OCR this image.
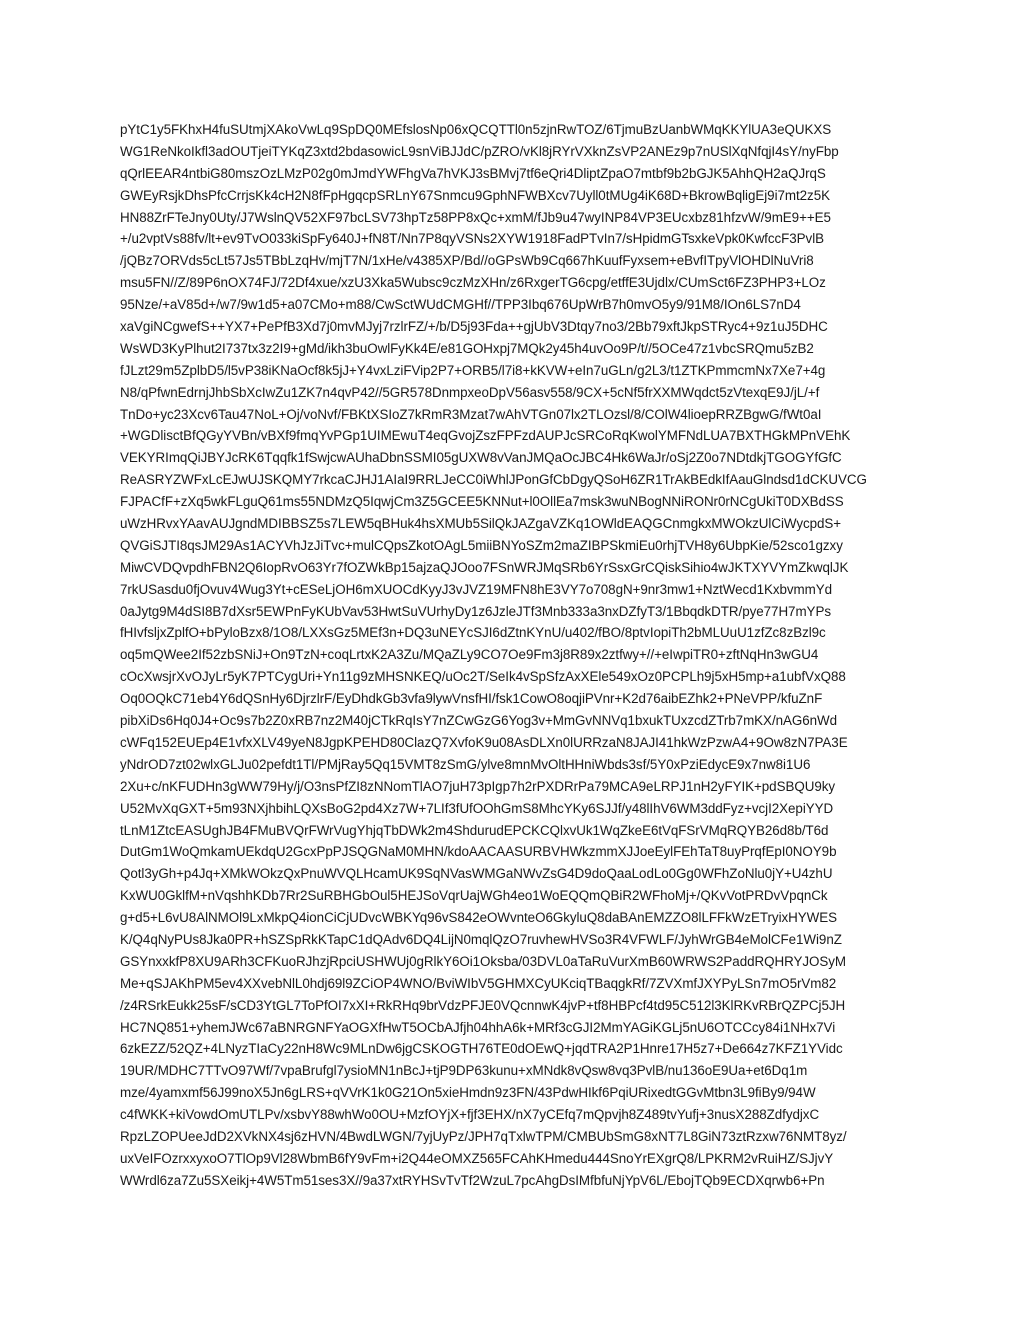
pYtC1y5FKhxH4fuSUtmjXAkoVwLq9SpDQ0MEfslosNp06xQCQTTl0n5zjnRwTOZ/6TjmuBzUanbWMqKKYlUA3eQUKXS
WG1ReNkoIkfl3adOUTjeiTYKqZ3xtd2bdasowicL9snViBJJdC/pZRO/vKl8jRYrVXknZsVP2ANEz9p7nUSlXqNfqjI4sY/nyFbp
qQrlEEAR4ntbiG80mszOzLMzP02g0mJmdYWFhgVa7hVKJ3sBMvj7tf6eQri4DliptZpaO7mtbf9b2bGJK5AhhQH2aQJrqS
GWEyRsjkDhsPfcCrrjsKk4cH2N8fFpHgqcpSRLnY67Snmcu9GphNFWBXcv7Uyll0tMUg4iK68D+BkrowBqligEj9i7mt2z5K
HN88ZrFTeJny0Uty/J7WslnQV52XF97bcLSV73hpTz58PP8xQc+xmM/fJb9u47wyINP84VP3EUcxbz81hfzvW/9mE9++E5
+/u2vptVs88fv/lt+ev9TvO033kiSpFy640J+fN8T/Nn7P8qyVSNs2XYW1918FadPTvIn7/sHpidmGTsxkeVpk0KwfccF3PvlB
/jQBz7ORVds5cLt57Js5TBbLzqHv/mjT7N/1xHe/v4385XP/Bd//oGPsWb9Cq667hKuufFyxsem+eBvfITpyVlOHDlNuVri8
msu5FN//Z/89P6nOX74FJ/72Df4xue/xzU3Xka5Wubsc9czMzXHn/z6RxgerTG6cpg/etffE3Ujdlx/CUmSct6FZ3PHP3+LOz
95Nze/+aV85d+/w7/9w1d5+a07CMo+m88/CwSctWUdCMGHf//TPP3Ibq676UpWrB7h0mvO5y9/91M8/IOn6LS7nD4
xaVgiNCgwefS++YX7+PePfB3Xd7j0mvMJyj7rzlrFZ/+/b/D5j93Fda++gjUbV3Dtqy7no3/2Bb79xftJkpSTRyc4+9z1uJ5DHC
WsWD3KyPlhut2I737tx3z2I9+gMd/ikh3buOwlFyKk4E/e81GOHxpj7MQk2y45h4uvOo9P/t//5OCe47z1vbcSRQmu5zB2
fJLzt29m5ZplbD5/l5vP38iKNaOcf8k5jJ+Y4vxLziFVip2P7+ORB5/l7i8+kKVW+eIn7uGLn/g2L3/t1ZTKPmmcmNx7Xe7+4g
N8/qPfwnEdrnjJhbSbXcIwZu1ZK7n4qvP42//5GR578DnmpxeoDpV56asv558/9CX+5cNf5frXXMWqdct5zVtexqE9J/jL/+f
TnDo+yc23Xcv6Tau47NoL+Oj/voNvf/FBKtXSIoZ7kRmR3Mzat7wAhVTGn07lx2TLOzsl/8/COlW4lioepRRZBgwG/fWt0aI
+WGDlisctBfQGyYVBn/vBXf9fmqYvPGp1UIMEwuT4eqGvojZszFPFzdAUPJcSRCoRqKwolYMFNdLUA7BXTHGkMPnVEhK
VEKYRImqQiJBYJcRK6Tqqfk1fSwjcwAUhaDbnSSMI05gUXW8vVanJMQaOcJBC4Hk6WaJr/oSj2Z0o7NDtdkjTGOGYfGfC
ReASRYZWFxLcEJwUJSKQMY7rkcaCJHJ1AIaI9RRLJeCC0iWhlJPonGfCbDgyQSoH6ZR1TrAkBEdkIfAauGlndsd1dCKUVCG
FJPACfF+zXq5wkFLguQ61ms55NDMzQ5IqwjCm3Z5GCEE5KNNut+l0OllEa7msk3wuNBogNNiRONr0rNCgUkiT0DXBdSS
uWzHRvxYAavAUJgndMDIBBSZ5s7LEW5qBHuk4hsXMUb5SilQkJAZgaVZKq1OWldEAQGCnmgkxMWOkzUlCiWycpdS+
QVGiSJTI8qsJM29As1ACYVhJzJiTvc+mulCQpsZkotOAgL5miiBNYoSZm2maZIBPSkmiEu0rhjTVH8y6UbpKie/52sco1gzxy
MiwCVDQvpdhFBN2Q6IopRvO63Yr7fOZWkBp15ajzaQJOoo7FSnWRJMqSRb6YrSsxGrCQiskSihio4wJKTXYVYmZkwqlJK
7rkUSasdu0fjOvuv4Wug3Yt+cESeLjOH6mXUOCdKyyJ3vJVZ19MFN8hE3VY7o708gN+9nr3mw1+NztWecd1KxbvmmYd
0aJytg9M4dSI8B7dXsr5EWPnFyKUbVav53HwtSuVUrhyDy1z6JzleJTf3Mnb333a3nxDZfyT3/1BbqdkDTR/pye77H7mYPs
fHIvfsljxZplfO+bPyloBzx8/1O8/LXXsGz5MEf3n+DQ3uNEYcSJI6dZtnKYnU/u402/fBO/8ptvIopiTh2bMLUuU1zfZc8zBzl9c
oq5mQWee2If52zbSNiJ+On9TzN+coqLrtxK2A3Zu/MQaZLy9CO7Oe9Fm3j8R89x2ztfwy+//+eIwpiTR0+zftNqHn3wGU4
cOcXwsjrXvOJyLr5yK7PTCygUri+Yn11g9zMHSNKEQ/uOc2T/SeIk4vSpSfzAxXEle549xOz0PCPLh9j5xH5mp+a1ubfVxQ88
Oq0OQkC71eb4Y6dQSnHy6DjrzlrF/EyDhdkGb3vfa9lywVnsfHI/fsk1CowO8oqjiPVnr+K2d76aibEZhk2+PNeVPP/kfuZnF
pibXiDs6Hq0J4+Oc9s7b2Z0xRB7nz2M40jCTkRqIsY7nZCwGzG6Yog3v+MmGvNNVq1bxukTUxzcdZTrb7mKX/nAG6nWd
cWFq152EUEp4E1vfxXLV49yeN8JgpKPEHD80ClazQ7XvfoK9u08AsDLXn0lURRzaN8JAJI41hkWzPzwA4+9Ow8zN7PA3E
yNdrOD7zt02wlxGLJu02pefdt1Tl/PMjRay5Qq15VMT8zSmG/ylve8mnMvOltHHniWbds3sf/5Y0xPziEdycE9x7nw8i1U6
2Xu+c/nKFUDHn3gWW79Hy/j/O3nsPfZI8zNNomTlAO7juH73pIgp7h2rPXDRrPa79MCA9eLRPJ1nH2yFYIK+pdSBQU9ky
U52MvXqGXT+5m93NXjhbihLQXsBoG2pd4Xz7W+7LIf3fUfOOhGmS8MhcYKy6SJJf/y48lIhV6WM3ddFyz+vcjI2XepiYYD
tLnM1ZtcEASUghJB4FMuBVQrFWrVugYhjqTbDWk2m4ShdurudEPCKCQlxvUk1WqZkeE6tVqFSrVMqRQYB26d8b/T6d
DutGm1WoQmkamUEkdqU2GcxPpPJSQGNaM0MHN/kdoAACAASURBVHWkzmmXJJoeEylFEhTaT8uyPrqfEpI0NOY9b
Qotl3yGh+p4Jq+XMkWOkzQxPnuWVQLHcamUK9SqNVasWMGaNWvZsG4D9doQaaLodLo0Gg0WFhZoNlu0jY+U4zhU
KxWU0GklfM+nVqshhKDb7Rr2SuRBHGbOul5HEJSoVqrUajWGh4eo1WoEQQmQBiR2WFhoMj+/QKvVotPRDvVpqnCk
g+d5+L6vU8AlNMOl9LxMkpQ4ionCiCjUDvcWBKYq96vS842eOWvnteO6GkyluQ8daBAnEMZZO8lLFFkWzETryixHYWES
K/Q4qNyPUs8Jka0PR+hSZSpRkKTapC1dQAdv6DQ4LijN0mqlQzO7ruvhewHVSo3R4VFWLF/JyhWrGB4eMolCFe1Wi9nZ
GSYnxxkfP8XU9ARh3CFKuoRJhzjRpciUSHWUj0gRlkY6Oi1Oksba/03DVL0aTaRuVurXmB60WRWS2PaddRQHRYJOSyM
Me+qSJAKhPM5ev4XXvebNlL0hdj69l9ZCiOP4WNO/BviWIbV5GHMXCyUKciqTBaqgkRf/7ZVXmfJXYPyLSn7mO5rVm82
/z4RSrkEukk25sF/sCD3YtGL7ToPfOI7xXI+RkRHq9brVdzPFJE0VQcnnwK4jvP+tf8HBPcf4td95C512l3KlRKvRBrQZPCj5JH
HC7NQ851+yhemJWc67aBNRGNFYaOGXfHwT5OCbAJfjh04hhA6k+MRf3cGJI2MmYAGiKGLj5nU6OTCCcy84i1NHx7Vi
6zkEZZ/52QZ+4LNyzTIaCy22nH8Wc9MLnDw6jgCSKOGTH76TE0dOEwQ+jqdTRA2P1Hnre17H5z7+De664z7KFZ1YVidc
19UR/MDHC7TTvO97Wf/7vpaBrufgl7ysioMN1nBcJ+tjP9DP63kunu+xMNdk8vQsw8vq3PvlB/nu136oE9Ua+et6Dq1m
mze/4yamxmf56J99noX5Jn6gLRS+qVVrK1k0G21On5xieHmdn9z3FN/43PdwHIkf6PqiURixedtGGvMtbn3L9fiBy9/94W
c4fWKK+kiVowdOmUTLPv/xsbvY88whWo0OU+MzfOYjX+fjf3EHX/nX7yCEfq7mQpvjh8Z489tvYufj+3nusX288ZdfydjxC
RpzLZOPUeeJdD2XVkNX4sj6zHVN/4BwdLWGN/7yjUyPz/JPH7qTxlwTPM/CMBUbSmG8xNT7L8GiN73ztRzxw76NMT8yz/
uxVeIFOzrxxyxoO7TlOp9Vl28WbmB6fY9vFm+i2Q44eOMXZ565FCAhKHmedu444SnoYrEXgrQ8/LPKRM2vRuiHZ/SJjvY
WWrdl6za7Zu5SXeikj+4W5Tm51ses3X//9a37xtRYHSvTvTf2WzuL7pcAhgDsIMfbfuNjYpV6L/EbojTQb9ECDXqrwb6+Pn
